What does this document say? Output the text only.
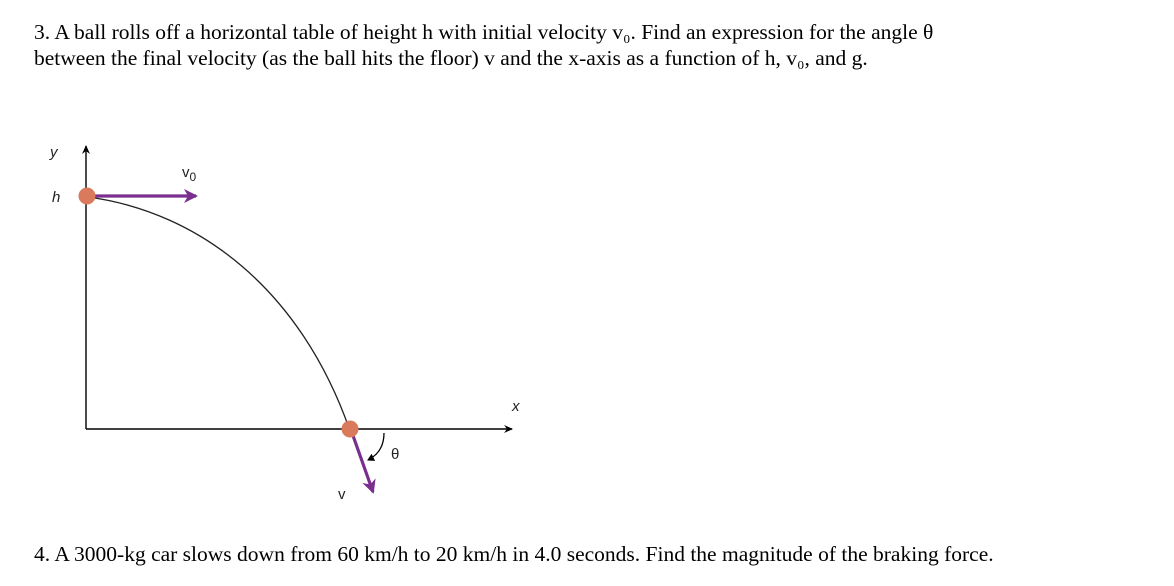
3. A ball rolls off a horizontal table of height h with initial velocity v₀. Find an expression for the angle θ
between the final velocity (as the ball hits the floor) v and the x-axis as a function of h, v₀, and g.
y
x
h
$v_0$
v
θ

4. A 3000-kg car slows down from 60 km/h to 20 km/h in 4.0 seconds. Find the magnitude of the braking force.
